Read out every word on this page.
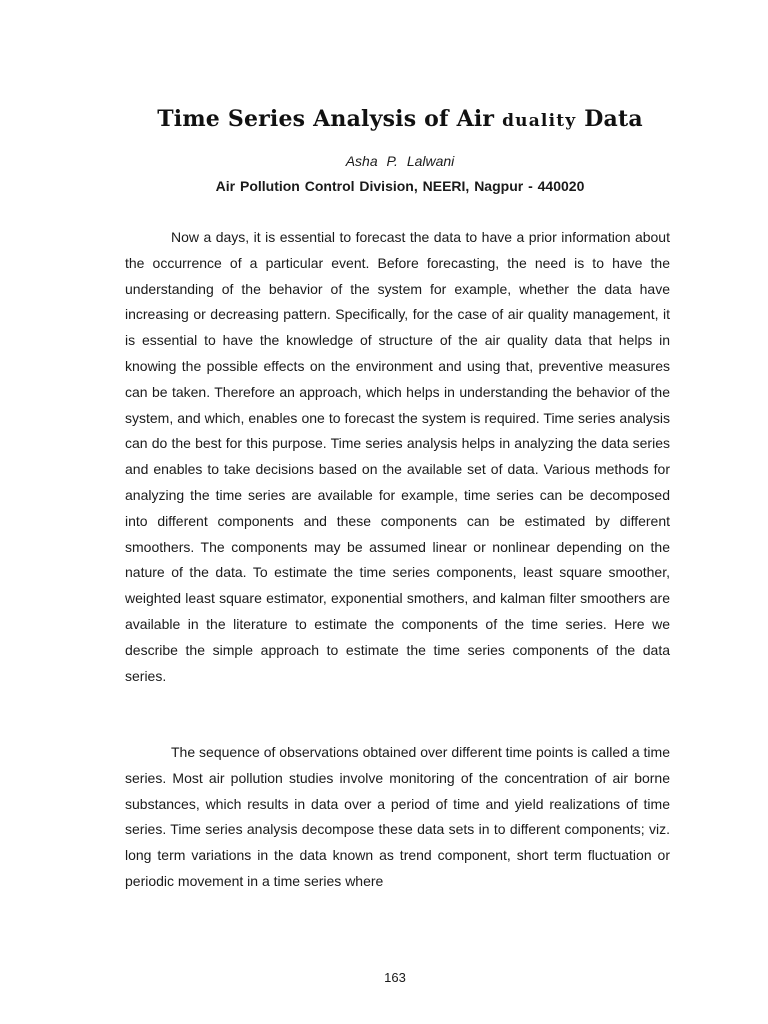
Time Series Analysis of Air duality Data
Asha P. Lalwani
Air Pollution Control Division, NEERI, Nagpur - 440020

Now a days, it is essential to forecast the data to have a prior information about the occurrence of a particular event. Before forecasting, the need is to have the understanding of the behavior of the system for example, whether the data have increasing or decreasing pattern. Specifically, for the case of air quality management, it is essential to have the knowledge of structure of the air quality data that helps in knowing the possible effects on the environment and using that, preventive measures can be taken. Therefore an approach, which helps in understanding the behavior of the system, and which, enables one to forecast the system is required. Time series analysis can do the best for this purpose. Time series analysis helps in analyzing the data series and enables to take decisions based on the available set of data. Various methods for analyzing the time series are available for example, time series can be decomposed into different components and these components can be estimated by different smoothers. The components may be assumed linear or nonlinear depending on the nature of the data. To estimate the time series components, least square smoother, weighted least square estimator, exponential smothers, and kalman filter smoothers are available in the literature to estimate the components of the time series. Here we describe the simple approach to estimate the time series components of the data series.

The sequence of observations obtained over different time points is called a time series. Most air pollution studies involve monitoring of the concentration of air borne substances, which results in data over a period of time and yield realizations of time series. Time series analysis decompose these data sets in to different components; viz. long term variations in the data known as trend component, short term fluctuation or periodic movement in a time series where

163
